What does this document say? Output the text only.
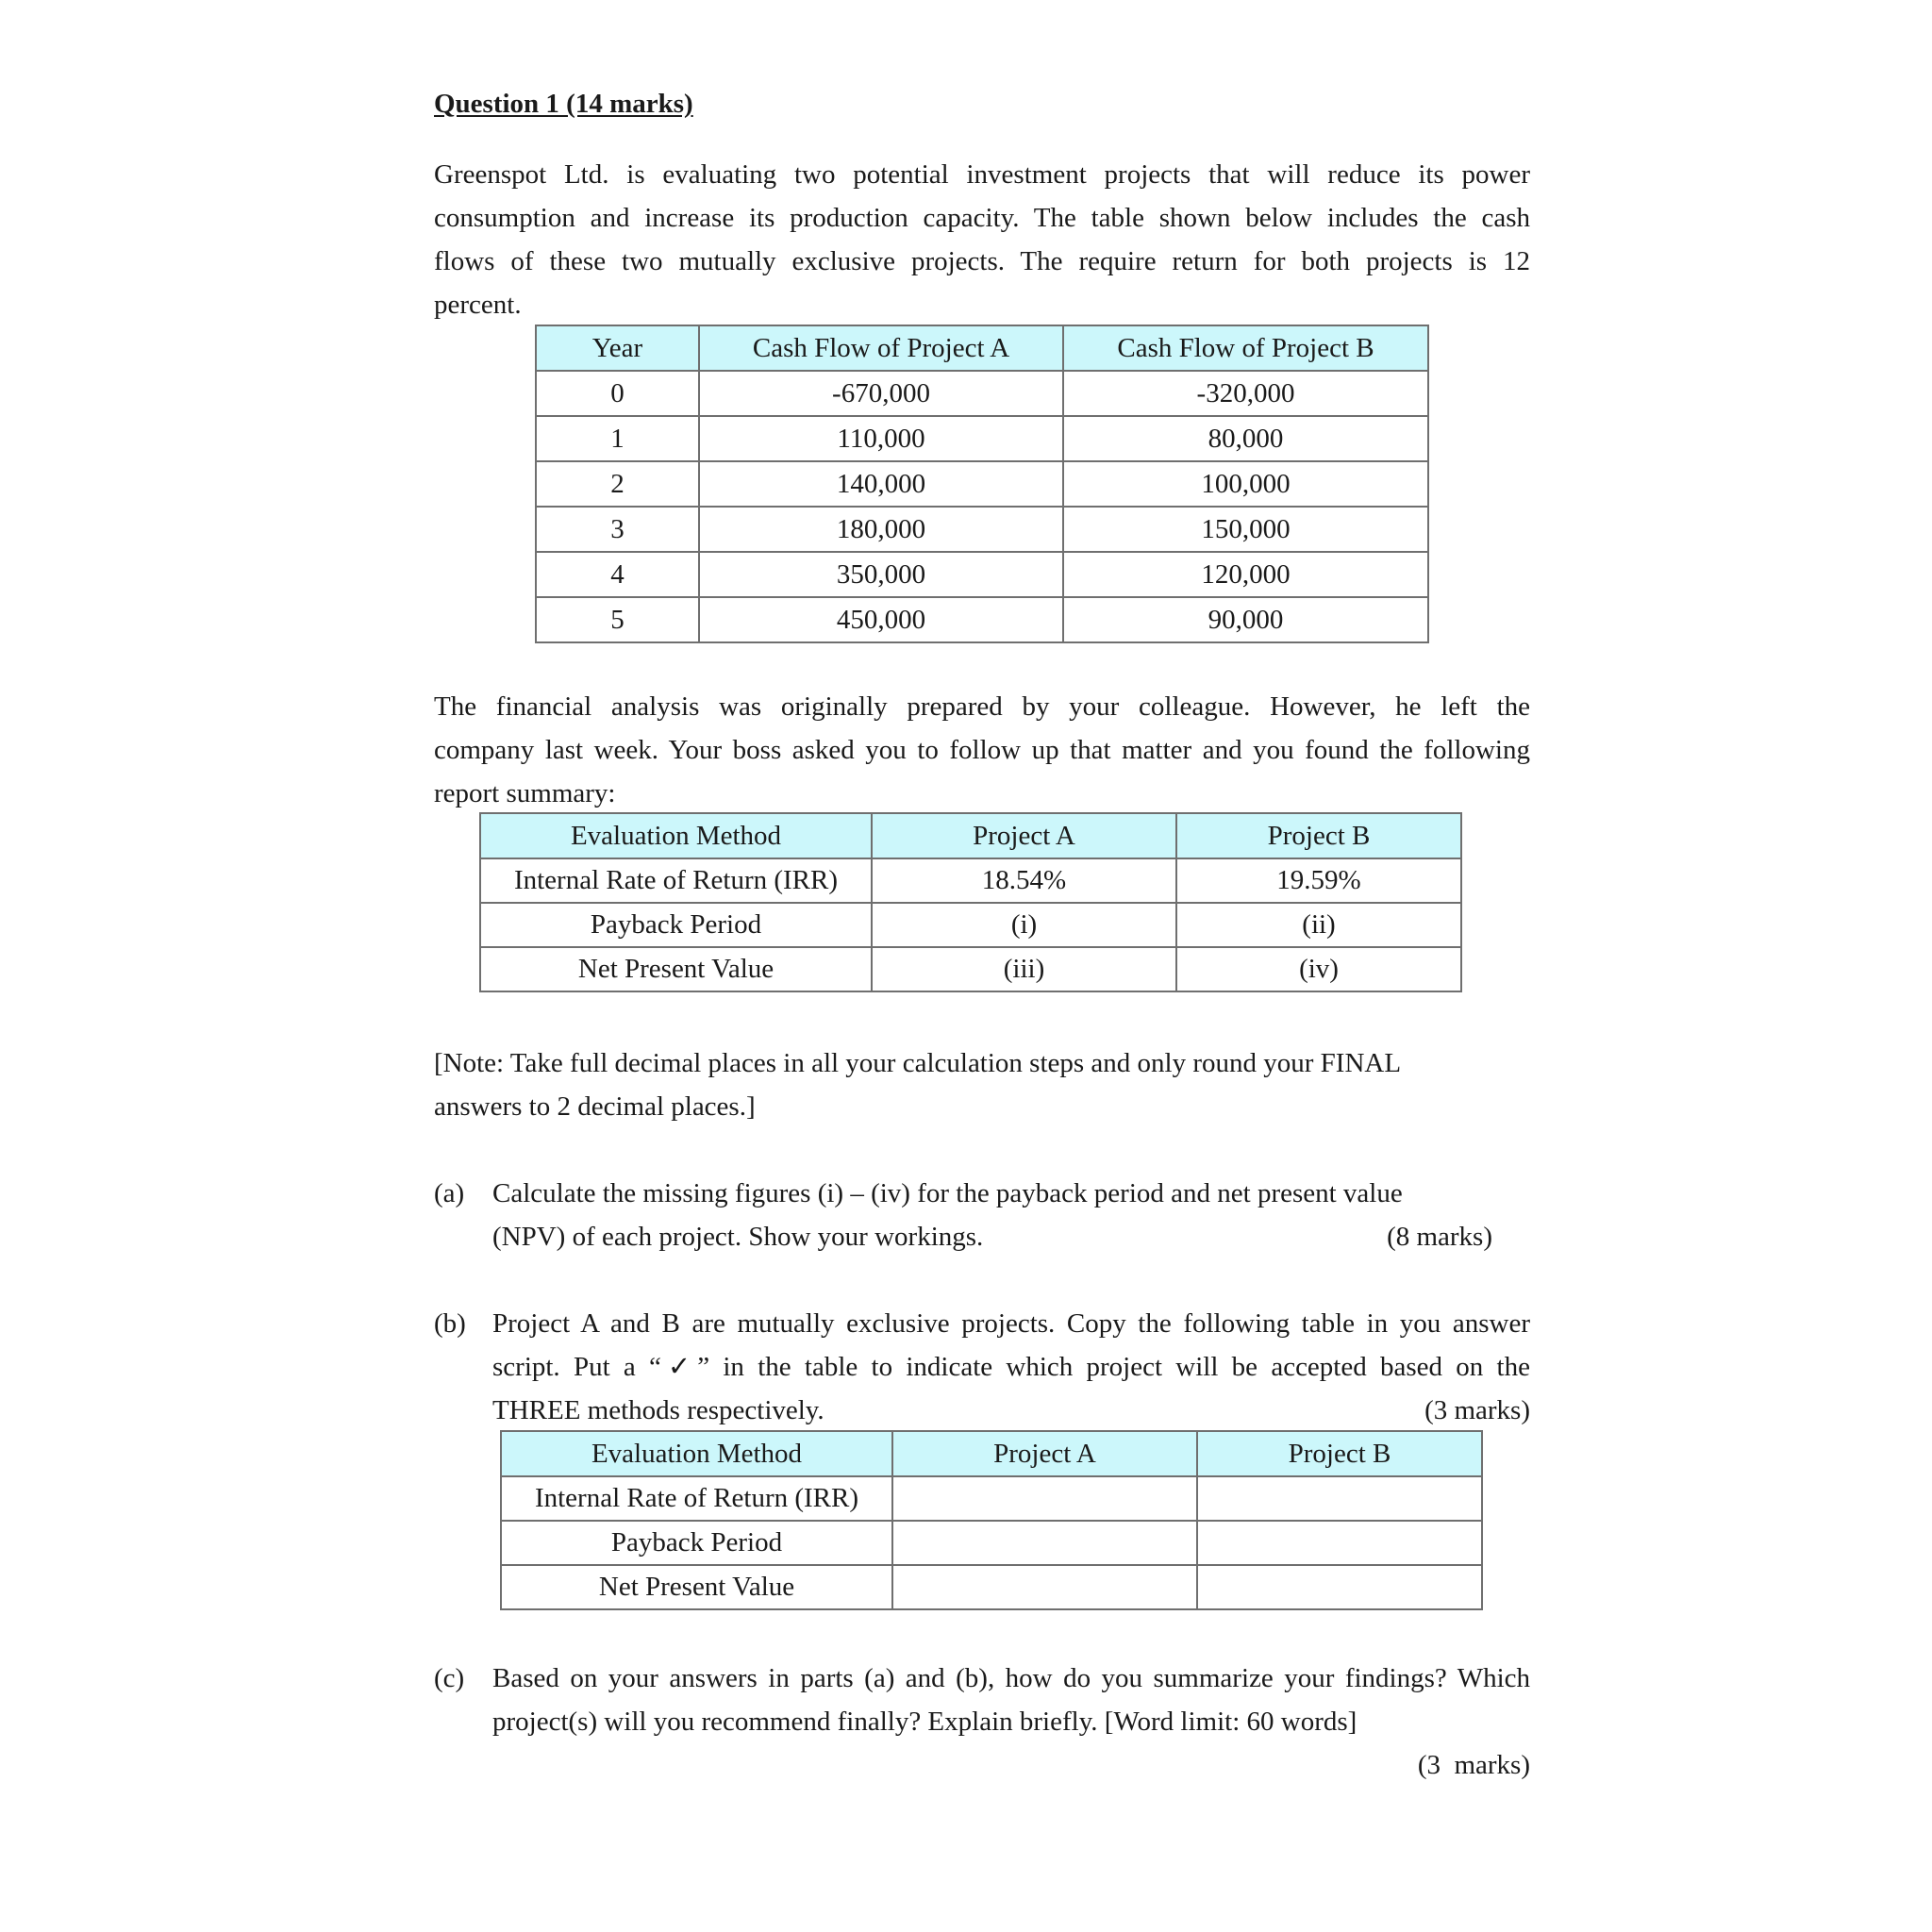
Question 1 (14 marks)
Greenspot Ltd. is evaluating two potential investment projects that will reduce its power
consumption and increase its production capacity. The table shown below includes the cash
flows of these two mutually exclusive projects. The require return for both projects is 12
percent.
Year	Cash Flow of Project A	Cash Flow of Project B
0	-670,000	-320,000
1	110,000	80,000
2	140,000	100,000
3	180,000	150,000
4	350,000	120,000
5	450,000	90,000
The financial analysis was originally prepared by your colleague. However, he left the
company last week. Your boss asked you to follow up that matter and you found the following
report summary:
Evaluation Method	Project A	Project B
Internal Rate of Return (IRR)	18.54%	19.59%
Payback Period	(i)	(ii)
Net Present Value	(iii)	(iv)
[Note: Take full decimal places in all your calculation steps and only round your FINAL
answers to 2 decimal places.]
(a) Calculate the missing figures (i) – (iv) for the payback period and net present value
(NPV) of each project. Show your workings.	(8 marks)
(b) Project A and B are mutually exclusive projects. Copy the following table in you answer
script. Put a “✓” in the table to indicate which project will be accepted based on the
THREE methods respectively.	(3 marks)
Evaluation Method	Project A	Project B
Internal Rate of Return (IRR)		
Payback Period		
Net Present Value		
(c) Based on your answers in parts (a) and (b), how do you summarize your findings? Which
project(s) will you recommend finally? Explain briefly. [Word limit: 60 words]
(3  marks)
